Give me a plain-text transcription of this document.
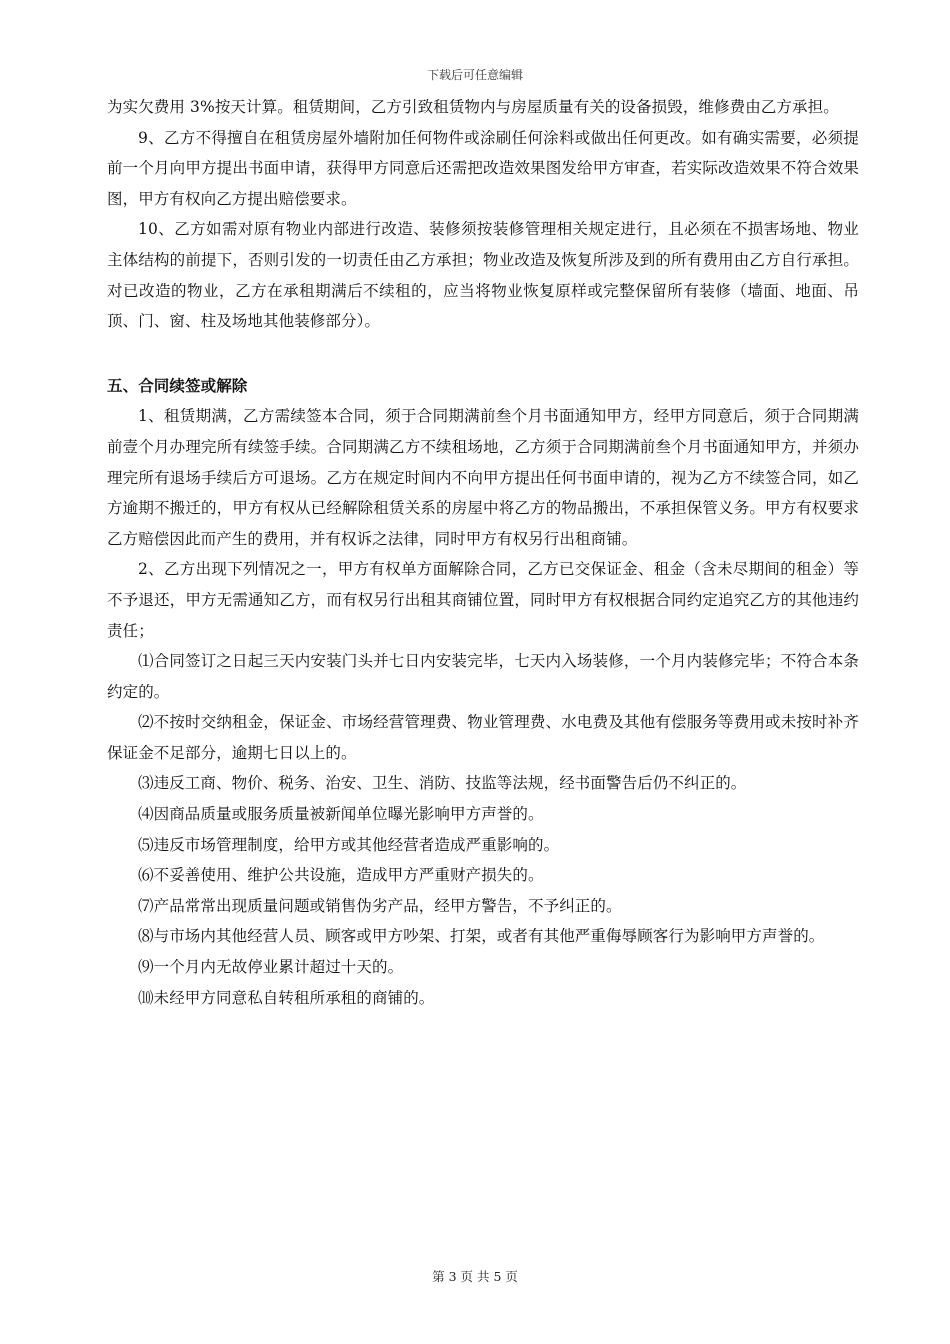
下载后可任意编辑

为实欠费用 3%按天计算。租赁期间，乙方引致租赁物内与房屋质量有关的设备损毁，维修费由乙方承担。

9、乙方不得擅自在租赁房屋外墙附加任何物件或涂刷任何涂料或做出任何更改。如有确实需要，必须提前一个月向甲方提出书面申请，获得甲方同意后还需把改造效果图发给甲方审查，若实际改造效果不符合效果图，甲方有权向乙方提出赔偿要求。

10、乙方如需对原有物业内部进行改造、装修须按装修管理相关规定进行，且必须在不损害场地、物业主体结构的前提下，否则引发的一切责任由乙方承担；物业改造及恢复所涉及到的所有费用由乙方自行承担。对已改造的物业，乙方在承租期满后不续租的，应当将物业恢复原样或完整保留所有装修（墙面、地面、吊顶、门、窗、柱及场地其他装修部分）。

五、合同续签或解除

1、租赁期满，乙方需续签本合同，须于合同期满前叁个月书面通知甲方，经甲方同意后，须于合同期满前壹个月办理完所有续签手续。合同期满乙方不续租场地，乙方须于合同期满前叁个月书面通知甲方，并须办理完所有退场手续后方可退场。乙方在规定时间内不向甲方提出任何书面申请的，视为乙方不续签合同，如乙方逾期不搬迁的，甲方有权从已经解除租赁关系的房屋中将乙方的物品搬出，不承担保管义务。甲方有权要求乙方赔偿因此而产生的费用，并有权诉之法律，同时甲方有权另行出租商铺。

2、乙方出现下列情况之一，甲方有权单方面解除合同，乙方已交保证金、租金（含未尽期间的租金）等不予退还，甲方无需通知乙方，而有权另行出租其商铺位置，同时甲方有权根据合同约定追究乙方的其他违约责任；

⑴合同签订之日起三天内安装门头并七日内安装完毕，七天内入场装修，一个月内装修完毕；不符合本条约定的。

⑵不按时交纳租金，保证金、市场经营管理费、物业管理费、水电费及其他有偿服务等费用或未按时补齐保证金不足部分，逾期七日以上的。

⑶违反工商、物价、税务、治安、卫生、消防、技监等法规，经书面警告后仍不纠正的。

⑷因商品质量或服务质量被新闻单位曝光影响甲方声誉的。

⑸违反市场管理制度，给甲方或其他经营者造成严重影响的。

⑹不妥善使用、维护公共设施，造成甲方严重财产损失的。

⑺产品常常出现质量问题或销售伪劣产品，经甲方警告，不予纠正的。

⑻与市场内其他经营人员、顾客或甲方吵架、打架，或者有其他严重侮辱顾客行为影响甲方声誉的。

⑼一个月内无故停业累计超过十天的。

⑽未经甲方同意私自转租所承租的商铺的。

第 3 页 共 5 页
